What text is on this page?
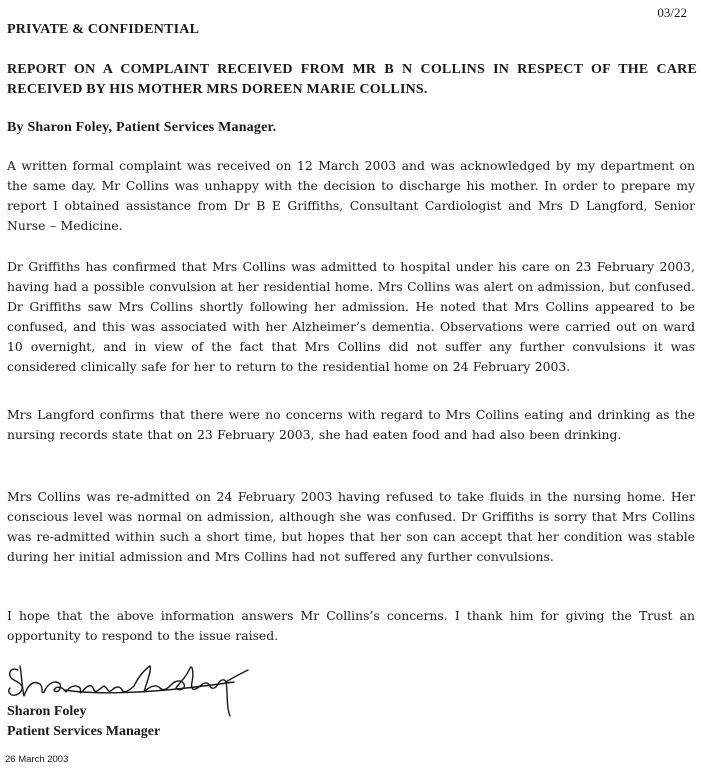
03/22
PRIVATE & CONFIDENTIAL
REPORT ON A COMPLAINT RECEIVED FROM MR B N COLLINS IN RESPECT OF THE CARE RECEIVED BY HIS MOTHER MRS DOREEN MARIE COLLINS.
By Sharon Foley, Patient Services Manager.
A written formal complaint was received on 12 March 2003 and was acknowledged by my department on the same day. Mr Collins was unhappy with the decision to discharge his mother. In order to prepare my report I obtained assistance from Dr B E Griffiths, Consultant Cardiologist and Mrs D Langford, Senior Nurse – Medicine.
Dr Griffiths has confirmed that Mrs Collins was admitted to hospital under his care on 23 February 2003, having had a possible convulsion at her residential home. Mrs Collins was alert on admission, but confused. Dr Griffiths saw Mrs Collins shortly following her admission. He noted that Mrs Collins appeared to be confused, and this was associated with her Alzheimer’s dementia. Observations were carried out on ward 10 overnight, and in view of the fact that Mrs Collins did not suffer any further convulsions it was considered clinically safe for her to return to the residential home on 24 February 2003.
Mrs Langford confirms that there were no concerns with regard to Mrs Collins eating and drinking as the nursing records state that on 23 February 2003, she had eaten food and had also been drinking.
Mrs Collins was re-admitted on 24 February 2003 having refused to take fluids in the nursing home. Her conscious level was normal on admission, although she was confused. Dr Griffiths is sorry that Mrs Collins was re-admitted within such a short time, but hopes that her son can accept that her condition was stable during her initial admission and Mrs Collins had not suffered any further convulsions.
I hope that the above information answers Mr Collins’s concerns. I thank him for giving the Trust an opportunity to respond to the issue raised.
Sharon Foley
Patient Services Manager
26 March 2003
